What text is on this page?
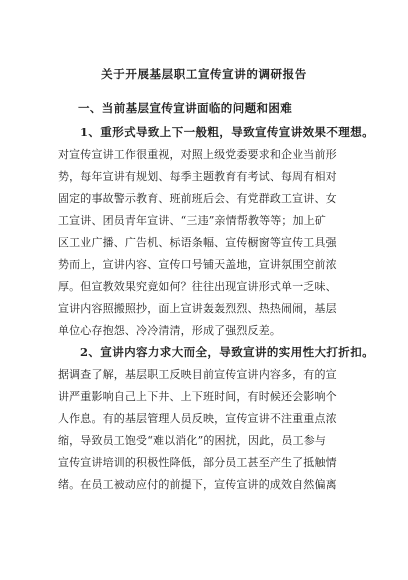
关于开展基层职工宣传宣讲的调研报告
一、当前基层宣传宣讲面临的问题和困难
1、重形式导致上下一般粗，导致宣传宣讲效果不理想。
对宣传宣讲工作很重视，对照上级党委要求和企业当前形
势，每年宣讲有规划、每季主题教育有考试、每周有相对
固定的事故警示教育、班前班后会、有党群政工宣讲、女
工宣讲、团员青年宣讲、“三违”亲情帮教等等；加上矿
区工业广播、广告机、标语条幅、宣传橱窗等宣传工具强
势而上，宣讲内容、宣传口号铺天盖地，宣讲氛围空前浓
厚。但宣教效果究竟如何？往往出现宣讲形式单一乏味、
宣讲内容照搬照抄，面上宣讲轰轰烈烈、热热闹闹，基层
单位心存抱怨、冷冷清清，形成了强烈反差。
2、宣讲内容力求大而全，导致宣讲的实用性大打折扣。
据调查了解，基层职工反映目前宣传宣讲内容多，有的宣
讲严重影响自己上下井、上下班时间，有时候还会影响个
人作息。有的基层管理人员反映，宣传宣讲不注重重点浓
缩，导致员工饱受“难以消化”的困扰，因此，员工参与
宣传宣讲培训的积极性降低，部分员工甚至产生了抵触情
绪。在员工被动应付的前提下，宣传宣讲的成效自然偏离
